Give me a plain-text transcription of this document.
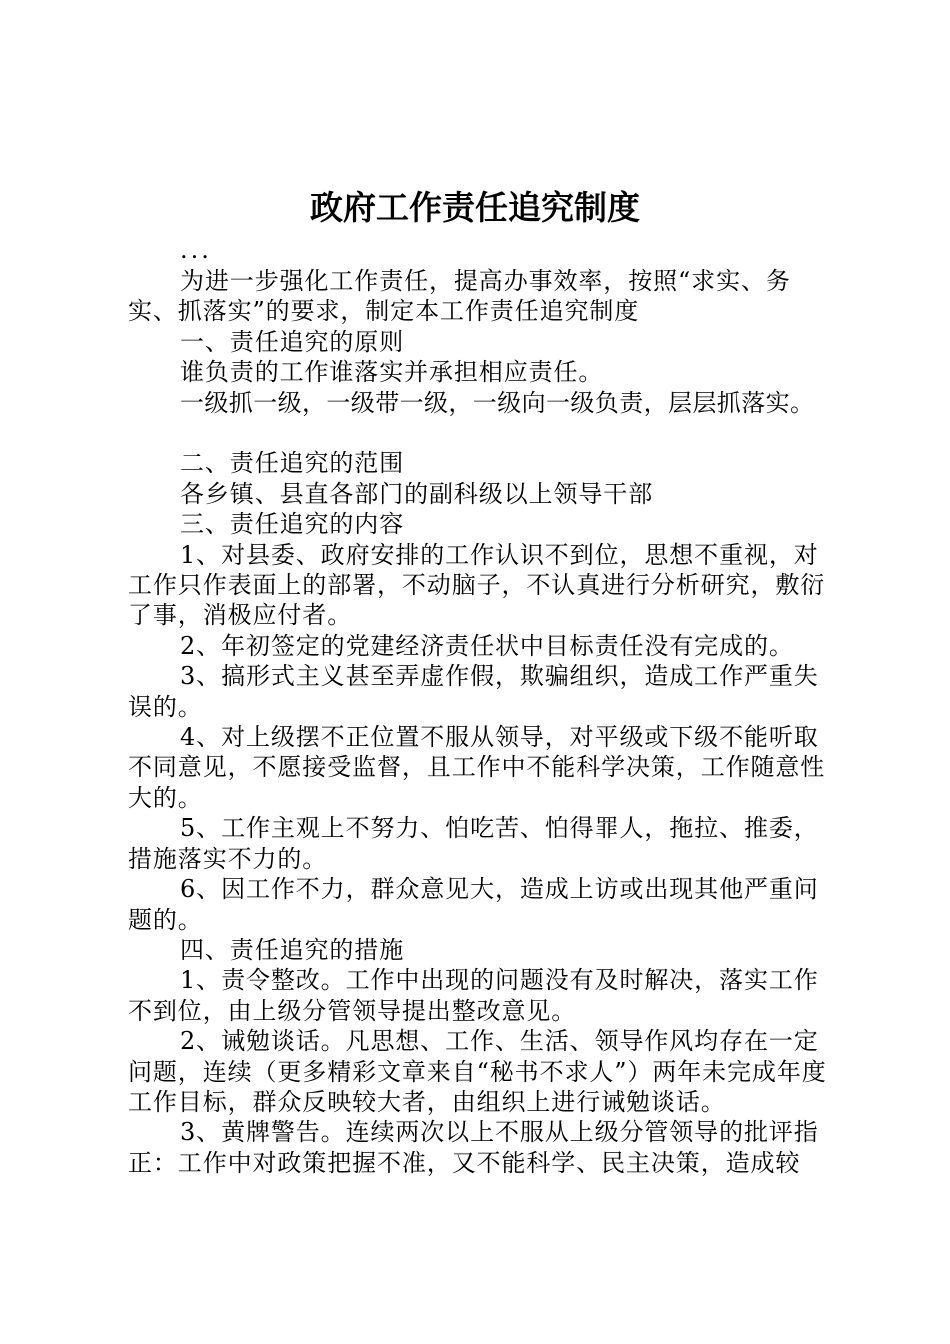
政府工作责任追究制度

...

为进一步强化工作责任，提高办事效率，按照“求实、务实、抓落实”的要求，制定本工作责任追究制度

一、责任追究的原则

谁负责的工作谁落实并承担相应责任。

一级抓一级，一级带一级，一级向一级负责，层层抓落实。

二、责任追究的范围

各乡镇、县直各部门的副科级以上领导干部

三、责任追究的内容

1、对县委、政府安排的工作认识不到位，思想不重视，对工作只作表面上的部署，不动脑子，不认真进行分析研究，敷衍了事，消极应付者。

2、年初签定的党建经济责任状中目标责任没有完成的。

3、搞形式主义甚至弄虚作假，欺骗组织，造成工作严重失误的。

4、对上级摆不正位置不服从领导，对平级或下级不能听取不同意见，不愿接受监督，且工作中不能科学决策，工作随意性大的。

5、工作主观上不努力、怕吃苦、怕得罪人，拖拉、推委，措施落实不力的。

6、因工作不力，群众意见大，造成上访或出现其他严重问题的。

四、责任追究的措施

1、责令整改。工作中出现的问题没有及时解决，落实工作不到位，由上级分管领导提出整改意见。

2、诫勉谈话。凡思想、工作、生活、领导作风均存在一定问题，连续（更多精彩文章来自“秘书不求人”）两年未完成年度工作目标，群众反映较大者，由组织上进行诫勉谈话。

3、黄牌警告。连续两次以上不服从上级分管领导的批评指正：工作中对政策把握不准，又不能科学、民主决策，造成较
